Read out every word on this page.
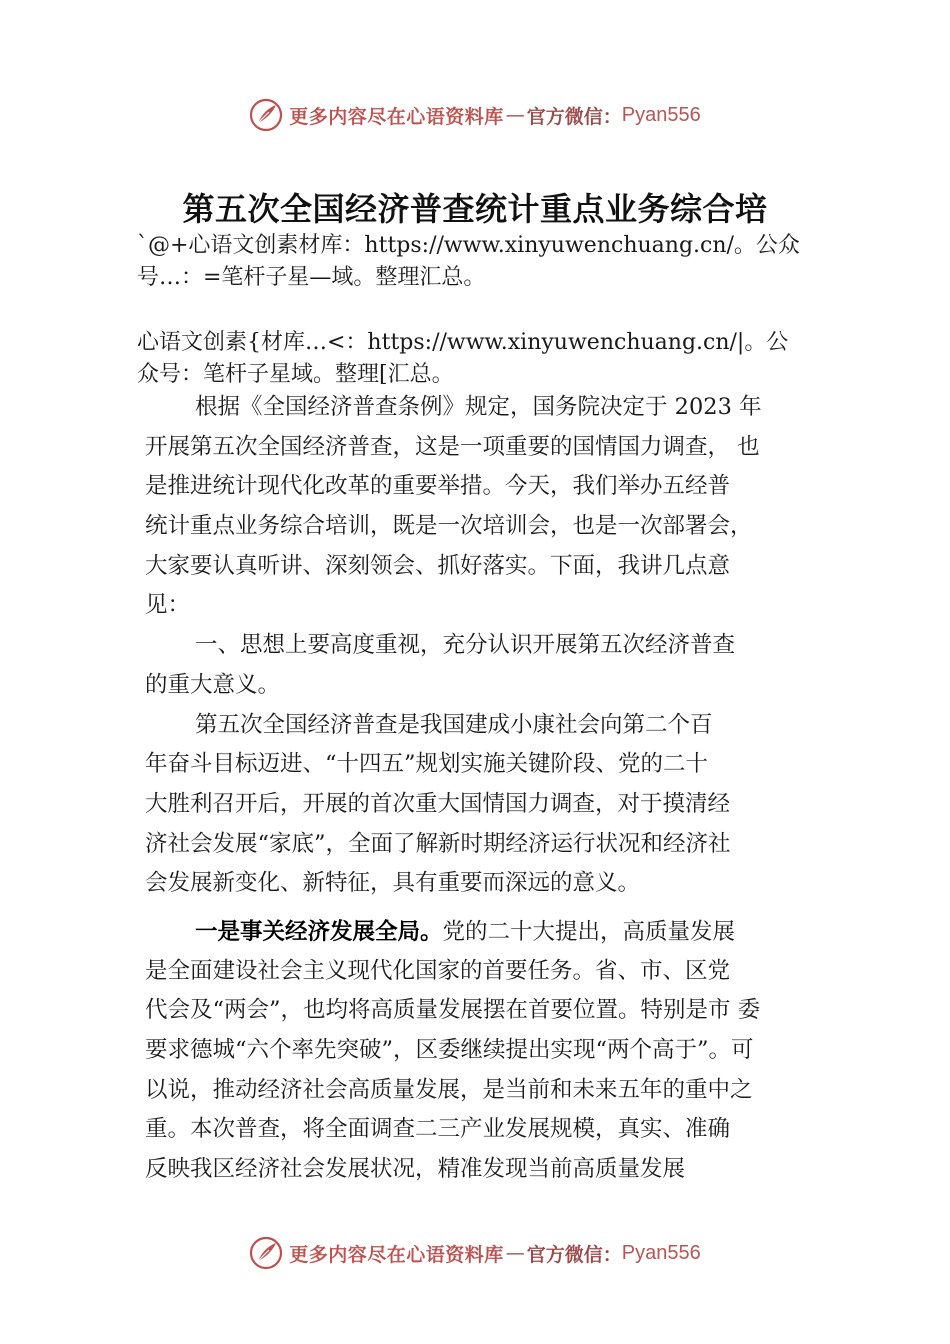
更多内容尽在心语资料库 — 官方微信： Pyan556
第五次全国经济普查统计重点业务综合培
`@+心语文创素材库：https://www.xinyuwenchuang.cn/。公众
号…：=笔杆子星—域。整理汇总。
心语文创素{材库…<：https://www.xinyuwenchuang.cn/|。公
众号：笔杆子星域。整理[汇总。
根据《全国经济普查条例》规定，国务院决定于 2023 年
开展第五次全国经济普查，这是一项重要的国情国力调查， 也
是推进统计现代化改革的重要举措。今天，我们举办五经普
统计重点业务综合培训，既是一次培训会，也是一次部署会，
大家要认真听讲、深刻领会、抓好落实。下面，我讲几点意
见：
一、思想上要高度重视，充分认识开展第五次经济普查
的重大意义。
第五次全国经济普查是我国建成小康社会向第二个百
年奋斗目标迈进、“十四五”规划实施关键阶段、党的二十
大胜利召开后，开展的首次重大国情国力调查，对于摸清经
济社会发展“家底”，全面了解新时期经济运行状况和经济社
会发展新变化、新特征，具有重要而深远的意义。
一是事关经济发展全局。党的二十大提出，高质量发展
是全面建设社会主义现代化国家的首要任务。省、市、区党
代会及“两会”，也均将高质量发展摆在首要位置。特别是市 委
要求德城“六个率先突破”，区委继续提出实现“两个高于”。可
以说，推动经济社会高质量发展，是当前和未来五年的重中之
重。本次普查，将全面调查二三产业发展规模，真实、准确
反映我区经济社会发展状况，精准发现当前高质量发展
更多内容尽在心语资料库 — 官方微信： Pyan556
